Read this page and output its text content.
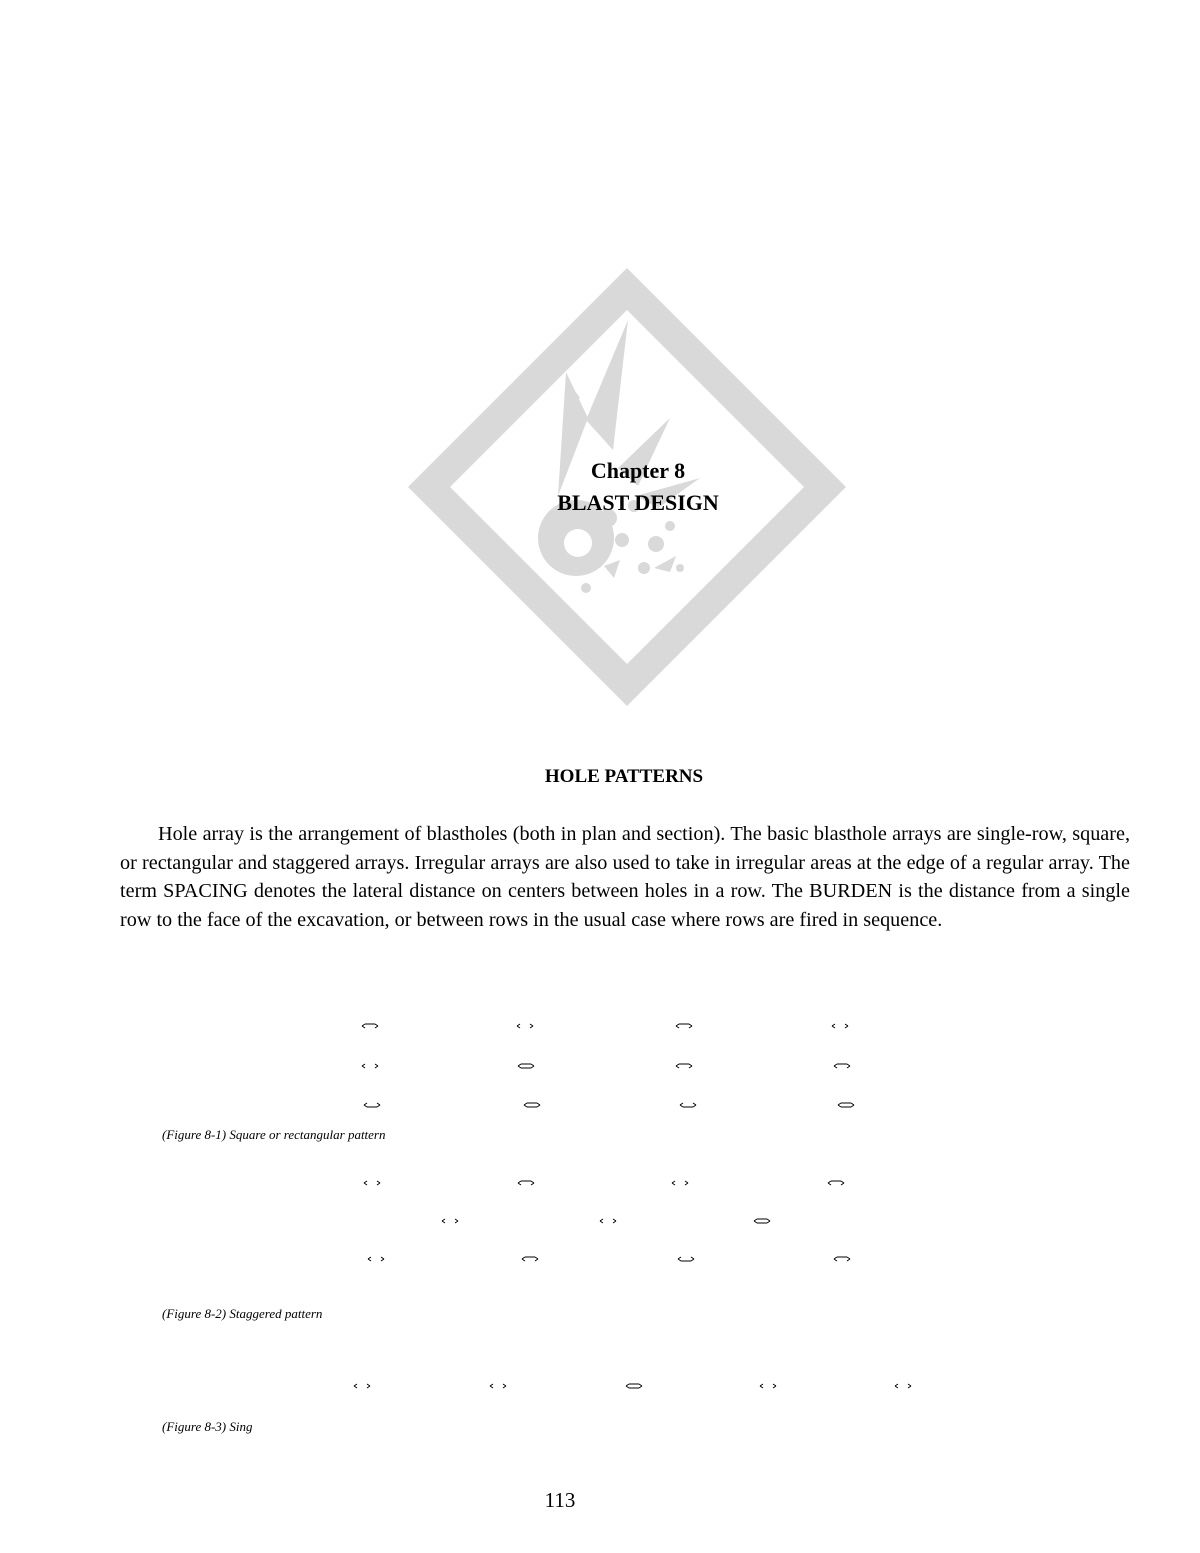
Chapter 8
BLAST DESIGN
HOLE PATTERNS

Hole array is the arrangement of blastholes (both in plan and section). The basic blasthole arrays are single-row, square, or rectangular and staggered arrays. Irregular arrays are also used to take in irregular areas at the edge of a regular array. The term SPACING denotes the lateral distance on centers between holes in a row. The BURDEN is the distance from a single row to the face of the excavation, or between rows in the usual case where rows are fired in sequence.

(Figure 8-1) Square or rectangular pattern
(Figure 8-2) Staggered pattern
(Figure 8-3) Sing
113
